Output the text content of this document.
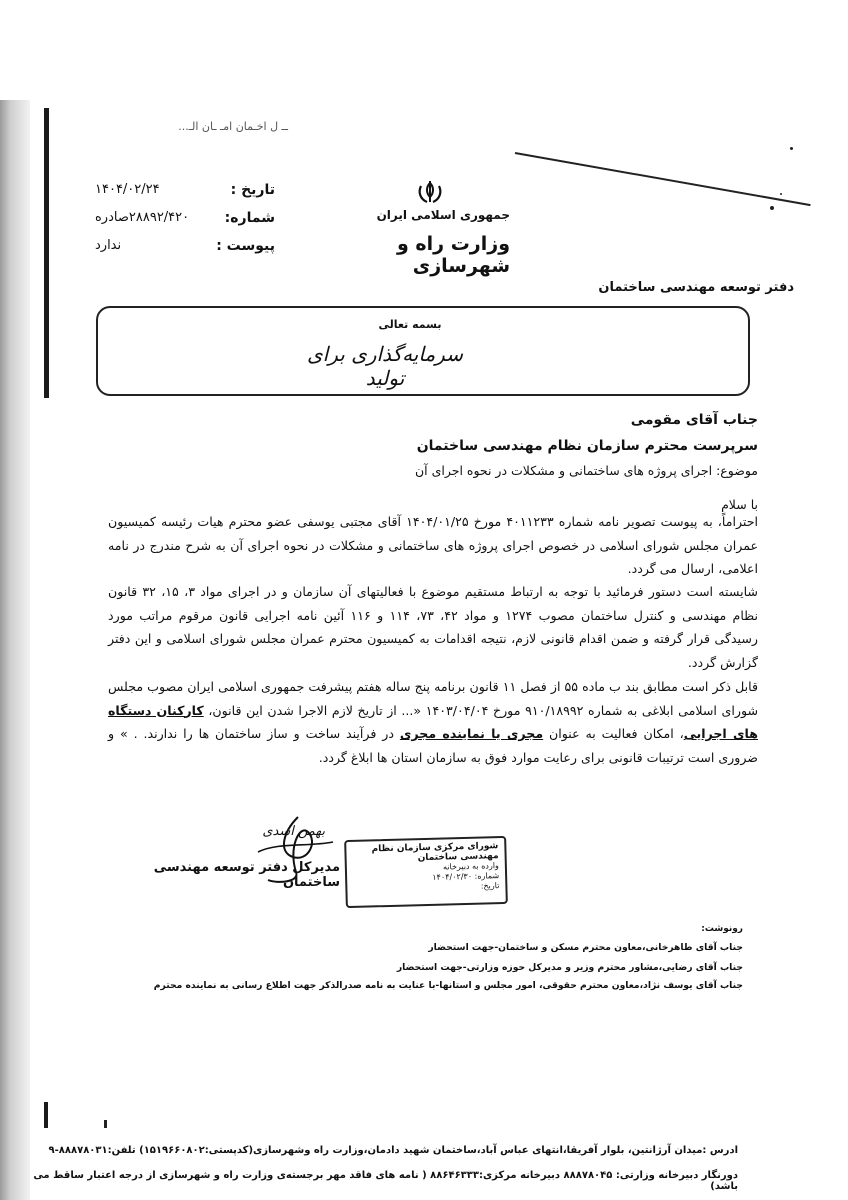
ــ ل اخـمان امـ ـان الـ...
تاریخ :
۱۴۰۴/۰۲/۲۴
شماره:
۲۸۸۹۲/۴۲۰صادره
پیوست :
ندارد
جمهوری اسلامی ایران
وزارت راه و شهرسازی
دفتر توسعه مهندسی ساختمان
بسمه تعالی
سرمایه‌گذاری برای تولید
جناب آقای مقومی
سرپرست محترم سازمان نظام مهندسی ساختمان
موضوع: اجرای پروژه های ساختمانی و مشکلات در نحوه اجرای آن
با سلام
احتراماً، به پیوست تصویر نامه شماره ۴۰۱۱۲۳۳ مورخ ۱۴۰۴/۰۱/۲۵ آقای مجتبی یوسفی عضو محترم هیات رئیسه کمیسیون عمران مجلس شورای اسلامی در خصوص اجرای پروژه های ساختمانی و مشکلات در نحوه اجرای آن به شرح مندرج در نامه اعلامی، ارسال می گردد.
شایسته است دستور فرمائید با توجه به ارتباط مستقیم موضوع با فعالیتهای آن سازمان و در اجرای مواد ۳، ۱۵، ۳۲ قانون نظام مهندسی و کنترل ساختمان مصوب ۱۲۷۴ و مواد ۴۲، ۷۳، ۱۱۴ و ۱۱۶ آئین نامه اجرایی قانون مرقوم مراتب مورد رسیدگی قرار گرفته و ضمن اقدام قانونی لازم، نتیجه اقدامات به کمیسیون محترم عمران مجلس شورای اسلامی و این دفتر گزارش گردد.
قابل ذکر است مطابق بند ب ماده ۵۵ از فصل ۱۱ قانون برنامه پنج ساله هفتم پیشرفت جمهوری اسلامی ایران مصوب مجلس شورای اسلامی ابلاغی به شماره ۹۱۰/۱۸۹۹۲ مورخ ۱۴۰۳/۰۴/۰۴ «... از تاریخ لازم الاجرا شدن این قانون، کارکنان دستگاه های اجرایی، امکان فعالیت به عنوان مجری یا نماینده مجری در فرآیند ساخت و ساز ساختمان ها را ندارند. . » و ضروری است ترتیبات قانونی برای رعایت موارد فوق به سازمان استان ها ابلاغ گردد.
بهمن اسدی
مدیرکل دفتر توسعه مهندسی ساختمان
شورای مرکزی سازمان نظام مهندسی ساختمان
وارده به دبیرخانه
شماره: ۱۴۰۴/۰۲/۳۰
تاریخ:
رونوشت:
جناب آقای طاهرخانی،معاون محترم مسکن و ساختمان-جهت استحضار
جناب آقای رضایی،مشاور محترم وزیر و مدیرکل حوزه وزارتی-جهت استحضار
جناب آقای یوسف نژاد،معاون محترم حقوقی، امور مجلس و استانها-با عنایت به نامه صدرالذکر جهت اطلاع رسانی به نماینده محترم
ادرس :میدان آرژانتین، بلوار آفریقا،انتهای عباس آباد،ساختمان شهید دادمان،وزارت راه وشهرسازی(کدپستی:۱۵۱۹۶۶۰۸۰۲) تلفن:۸۸۸۷۸۰۳۱-۹
دورنگار دبیرخانه وزارتی: ۸۸۸۷۸۰۴۵ دبیرخانه مرکزی:۸۸۶۴۶۳۳۳ ( نامه های فاقد مهر برجسته‌ی وزارت راه و شهرسازی از درجه اعتبار ساقط می باشد)
